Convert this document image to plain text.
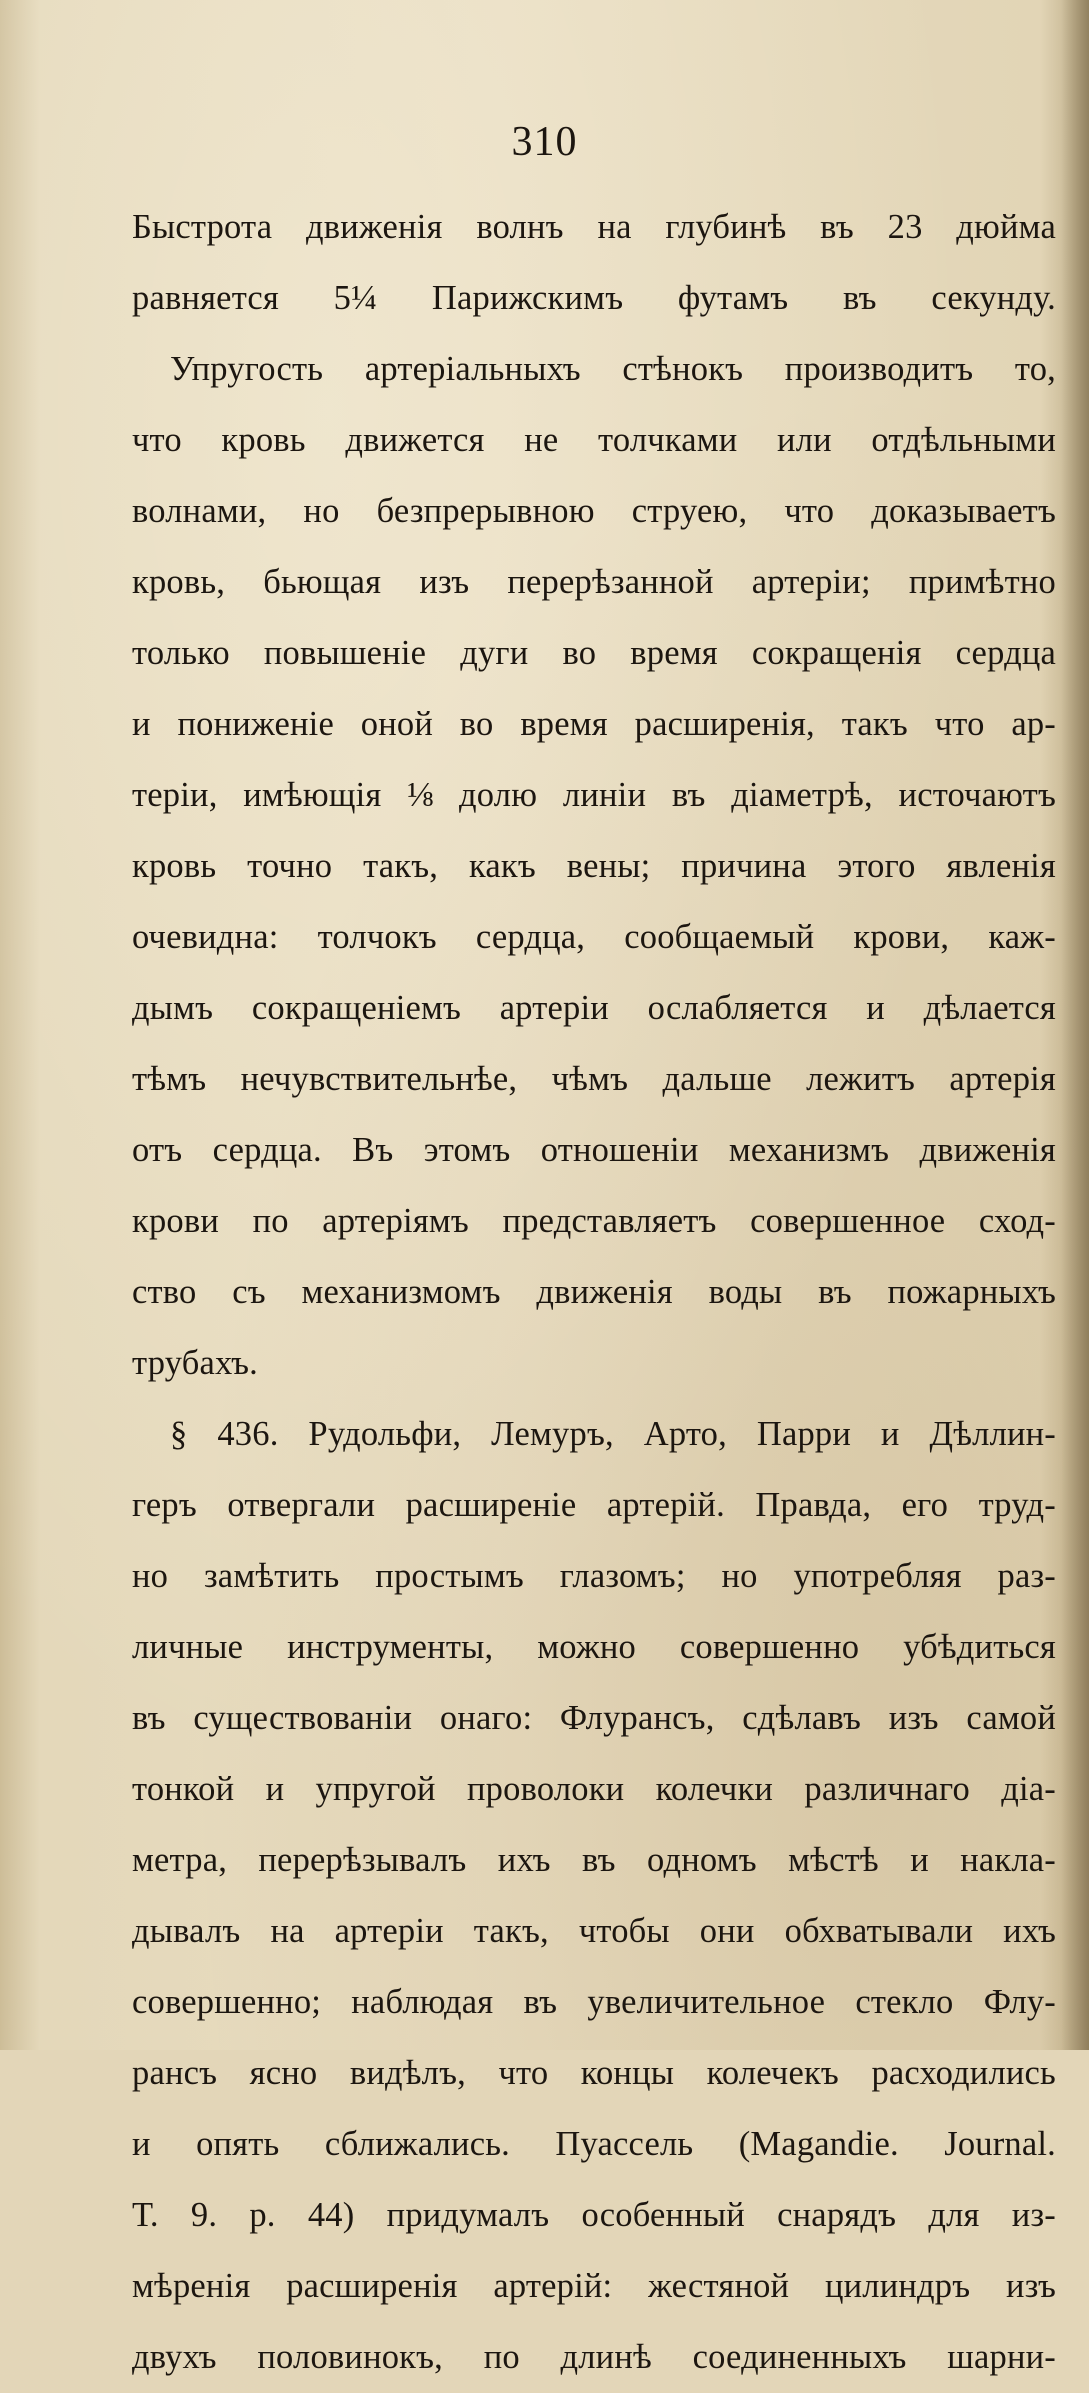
310
Быстрота движенія волнъ на глубинѣ въ 23 дюйма
равняется 5¼ Парижскимъ футамъ въ секунду.
Упругость артеріальныхъ стѣнокъ производитъ то,
что кровь движется не толчками или отдѣльными
волнами, но безпрерывною струею, что доказываетъ
кровь, бьющая изъ перерѣзанной артеріи; примѣтно
только повышеніе дуги во время сокращенія сердца
и пониженіе оной во время расширенія, такъ что ар-
теріи, имѣющія ⅛ долю линіи въ діаметрѣ, источаютъ
кровь точно такъ, какъ вены; причина этого явленія
очевидна: толчокъ сердца, сообщаемый крови, каж-
дымъ сокращеніемъ артеріи ослабляется и дѣлается
тѣмъ нечувствительнѣе, чѣмъ дальше лежитъ артерія
отъ сердца. Въ этомъ отношеніи механизмъ движенія
крови по артеріямъ представляетъ совершенное сход-
ство съ механизмомъ движенія воды въ пожарныхъ
трубахъ.
§ 436. Рудольфи, Лемуръ, Арто, Парри и Дѣллин-
геръ отвергали расширеніе артерій. Правда, его труд-
но замѣтить простымъ глазомъ; но употребляя раз-
личные инструменты, можно совершенно убѣдиться
въ существованіи онаго: Флурансъ, сдѣлавъ изъ самой
тонкой и упругой проволоки колечки различнаго діа-
метра, перерѣзывалъ ихъ въ одномъ мѣстѣ и накла-
дывалъ на артеріи такъ, чтобы они обхватывали ихъ
совершенно; наблюдая въ увеличительное стекло Флу-
рансъ ясно видѣлъ, что концы колечекъ расходились
и опять сближались. Пуассель (Magandie. Journal.
Т. 9. р. 44) придумалъ особенный снарядъ для из-
мѣренія расширенія артерій: жестяной цилиндръ изъ
двухъ половинокъ, по длинѣ соединенныхъ шарни-
